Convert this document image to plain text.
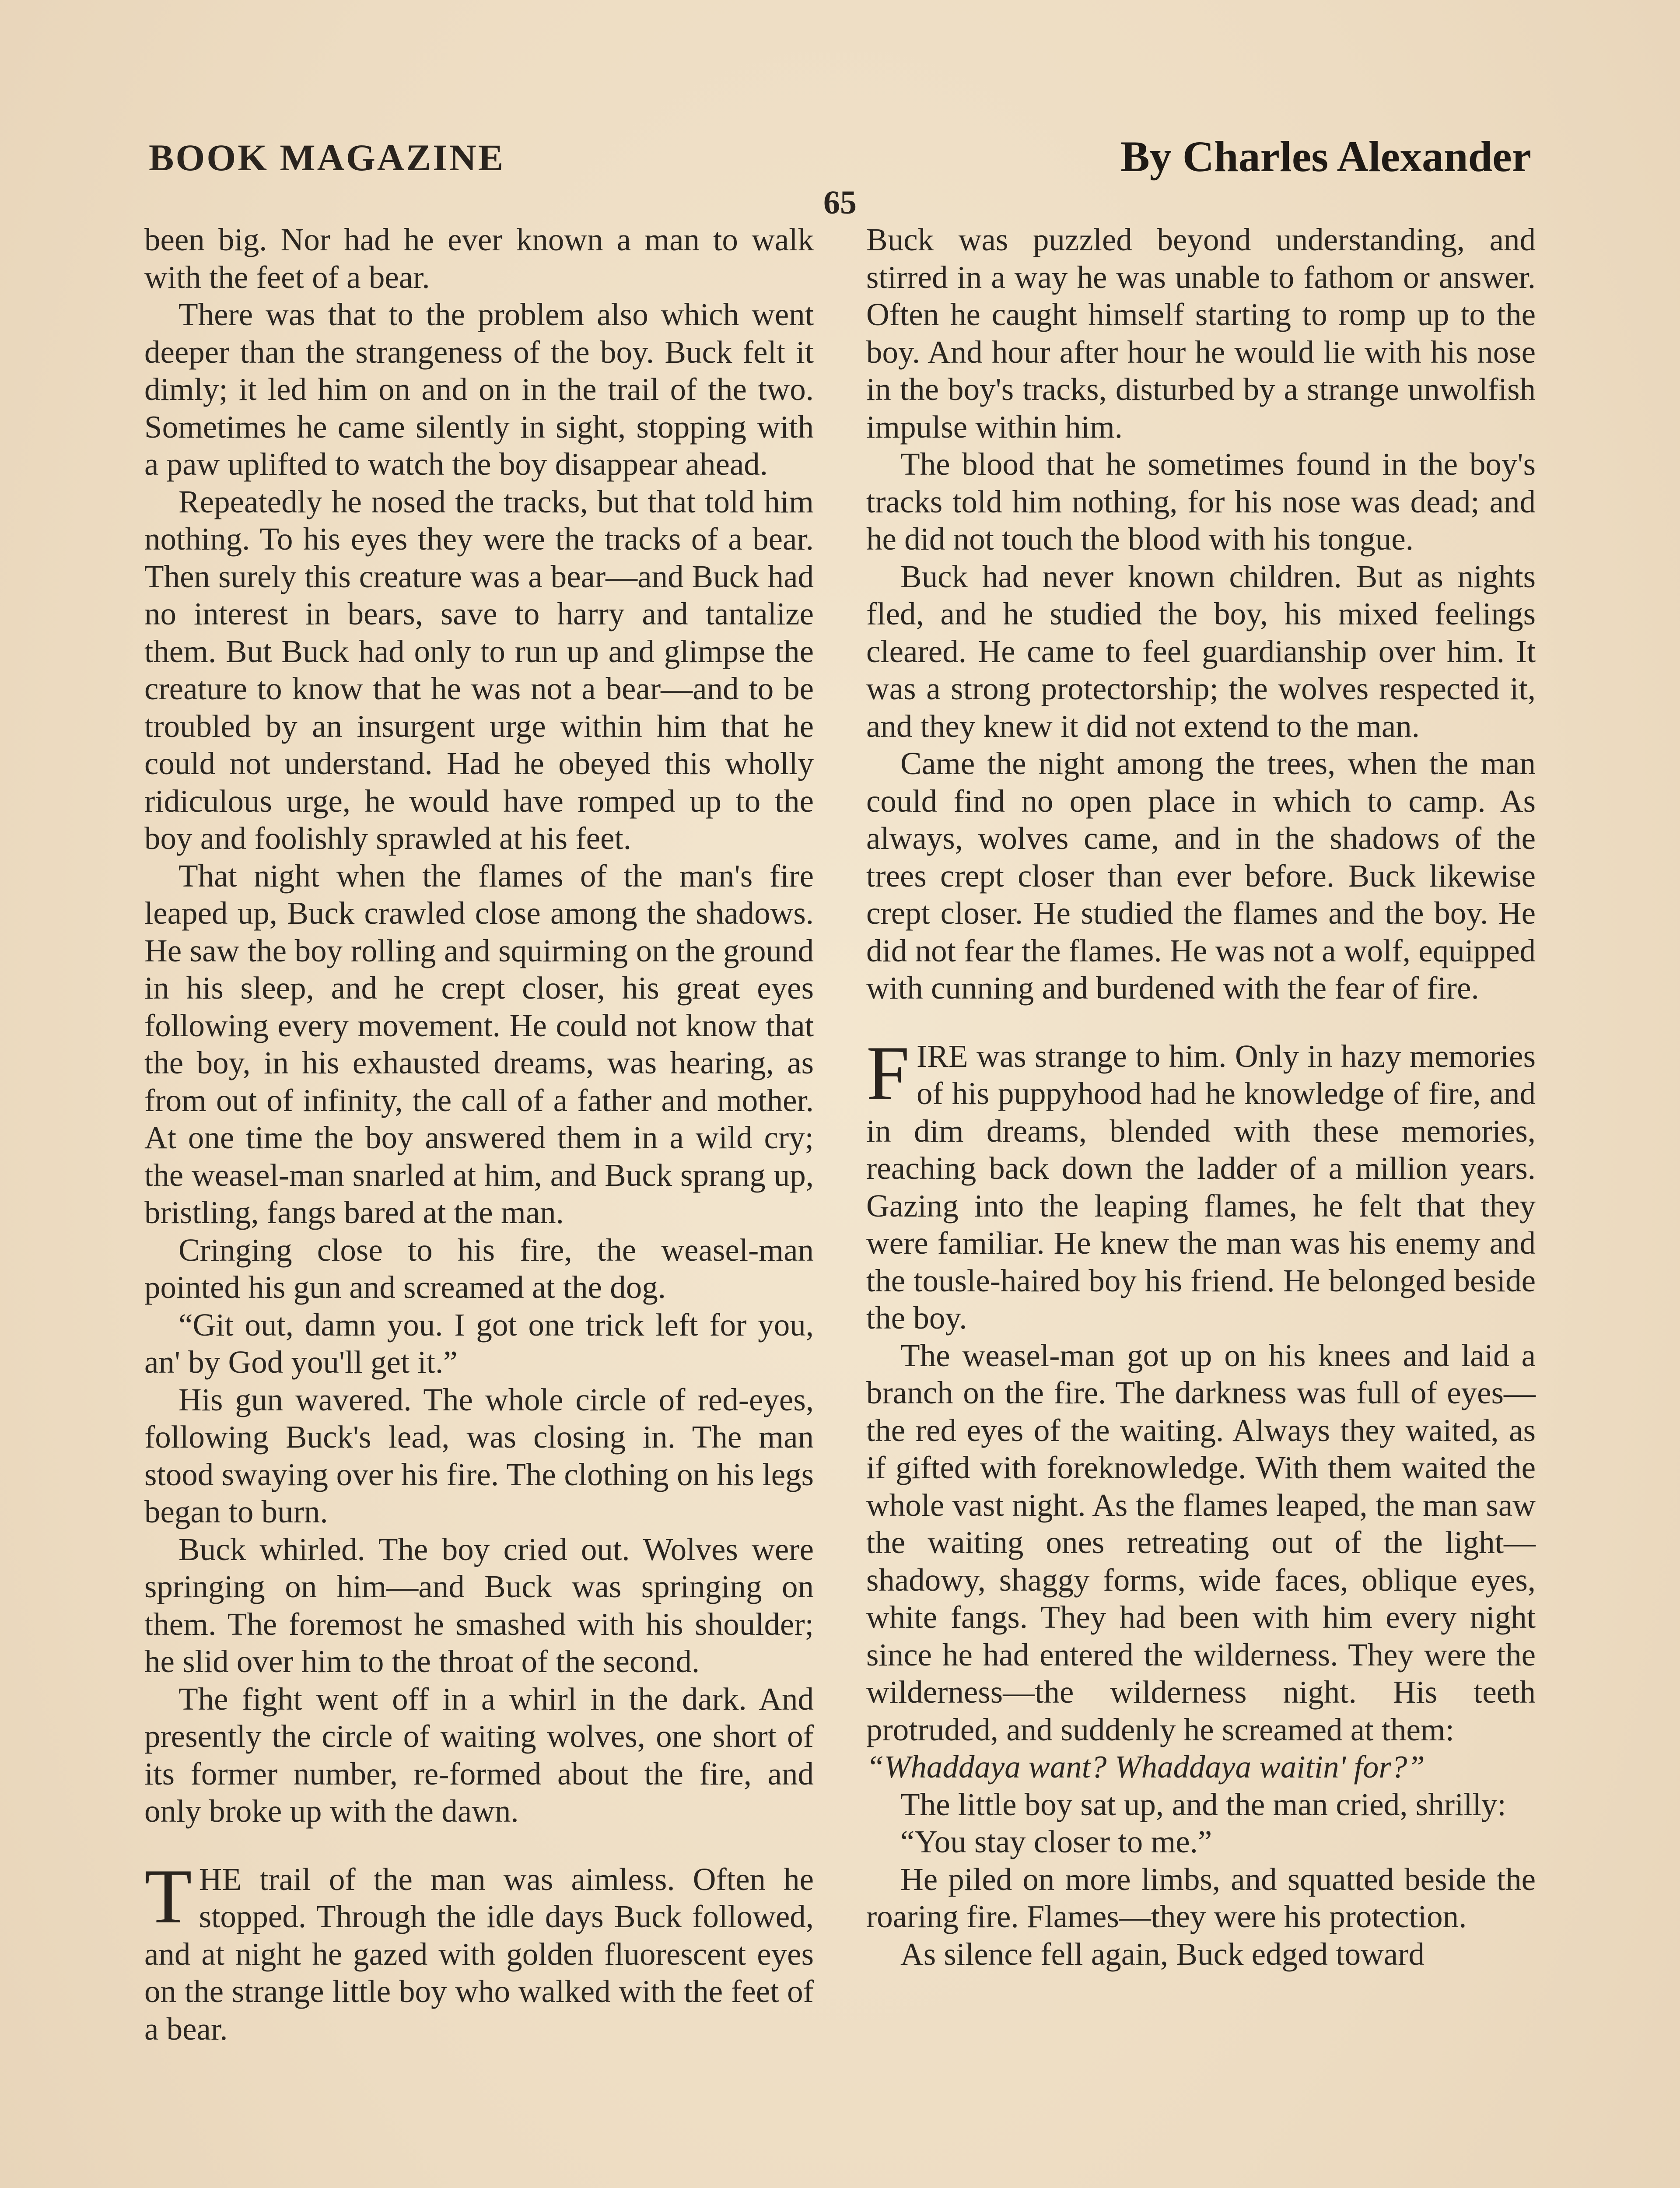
BOOK MAGAZINE	By Charles Alexander
65

been big. Nor had he ever known a man to walk with the feet of a bear.

There was that to the problem also which went deeper than the strangeness of the boy. Buck felt it dimly; it led him on and on in the trail of the two. Sometimes he came silently in sight, stopping with a paw uplifted to watch the boy disappear ahead.

Repeatedly he nosed the tracks, but that told him nothing. To his eyes they were the tracks of a bear. Then surely this creature was a bear—and Buck had no interest in bears, save to harry and tantalize them. But Buck had only to run up and glimpse the creature to know that he was not a bear—and to be troubled by an insurgent urge within him that he could not understand. Had he obeyed this wholly ridiculous urge, he would have romped up to the boy and foolishly sprawled at his feet.

That night when the flames of the man's fire leaped up, Buck crawled close among the shadows. He saw the boy rolling and squirming on the ground in his sleep, and he crept closer, his great eyes following every movement. He could not know that the boy, in his exhausted dreams, was hearing, as from out of infinity, the call of a father and mother. At one time the boy answered them in a wild cry; the weasel-man snarled at him, and Buck sprang up, bristling, fangs bared at the man.

Cringing close to his fire, the weasel-man pointed his gun and screamed at the dog.

“Git out, damn you. I got one trick left for you, an' by God you'll get it.”

His gun wavered. The whole circle of red-eyes, following Buck's lead, was closing in. The man stood swaying over his fire. The clothing on his legs began to burn.

Buck whirled. The boy cried out. Wolves were springing on him—and Buck was springing on them. The foremost he smashed with his shoulder; he slid over him to the throat of the second.

The fight went off in a whirl in the dark. And presently the circle of waiting wolves, one short of its former number, re-formed about the fire, and only broke up with the dawn.

THE trail of the man was aimless. Often he stopped. Through the idle days Buck followed, and at night he gazed with golden fluorescent eyes on the strange little boy who walked with the feet of a bear.

Buck was puzzled beyond understanding, and stirred in a way he was unable to fathom or answer. Often he caught himself starting to romp up to the boy. And hour after hour he would lie with his nose in the boy's tracks, disturbed by a strange unwolfish impulse within him.

The blood that he sometimes found in the boy's tracks told him nothing, for his nose was dead; and he did not touch the blood with his tongue.

Buck had never known children. But as nights fled, and he studied the boy, his mixed feelings cleared. He came to feel guardianship over him. It was a strong protectorship; the wolves respected it, and they knew it did not extend to the man.

Came the night among the trees, when the man could find no open place in which to camp. As always, wolves came, and in the shadows of the trees crept closer than ever before. Buck likewise crept closer. He studied the flames and the boy. He did not fear the flames. He was not a wolf, equipped with cunning and burdened with the fear of fire.

FIRE was strange to him. Only in hazy memories of his puppyhood had he knowledge of fire, and in dim dreams, blended with these memories, reaching back down the ladder of a million years. Gazing into the leaping flames, he felt that they were familiar. He knew the man was his enemy and the tousle-haired boy his friend. He belonged beside the boy.

The weasel-man got up on his knees and laid a branch on the fire. The darkness was full of eyes—the red eyes of the waiting. Always they waited, as if gifted with foreknowledge. With them waited the whole vast night. As the flames leaped, the man saw the waiting ones retreating out of the light—shadowy, shaggy forms, wide faces, oblique eyes, white fangs. They had been with him every night since he had entered the wilderness. They were the wilderness—the wilderness night. His teeth protruded, and suddenly he screamed at them:

“Whaddaya want? Whaddaya waitin' for?”

The little boy sat up, and the man cried, shrilly:

“You stay closer to me.”

He piled on more limbs, and squatted beside the roaring fire. Flames—they were his protection.

As silence fell again, Buck edged toward
